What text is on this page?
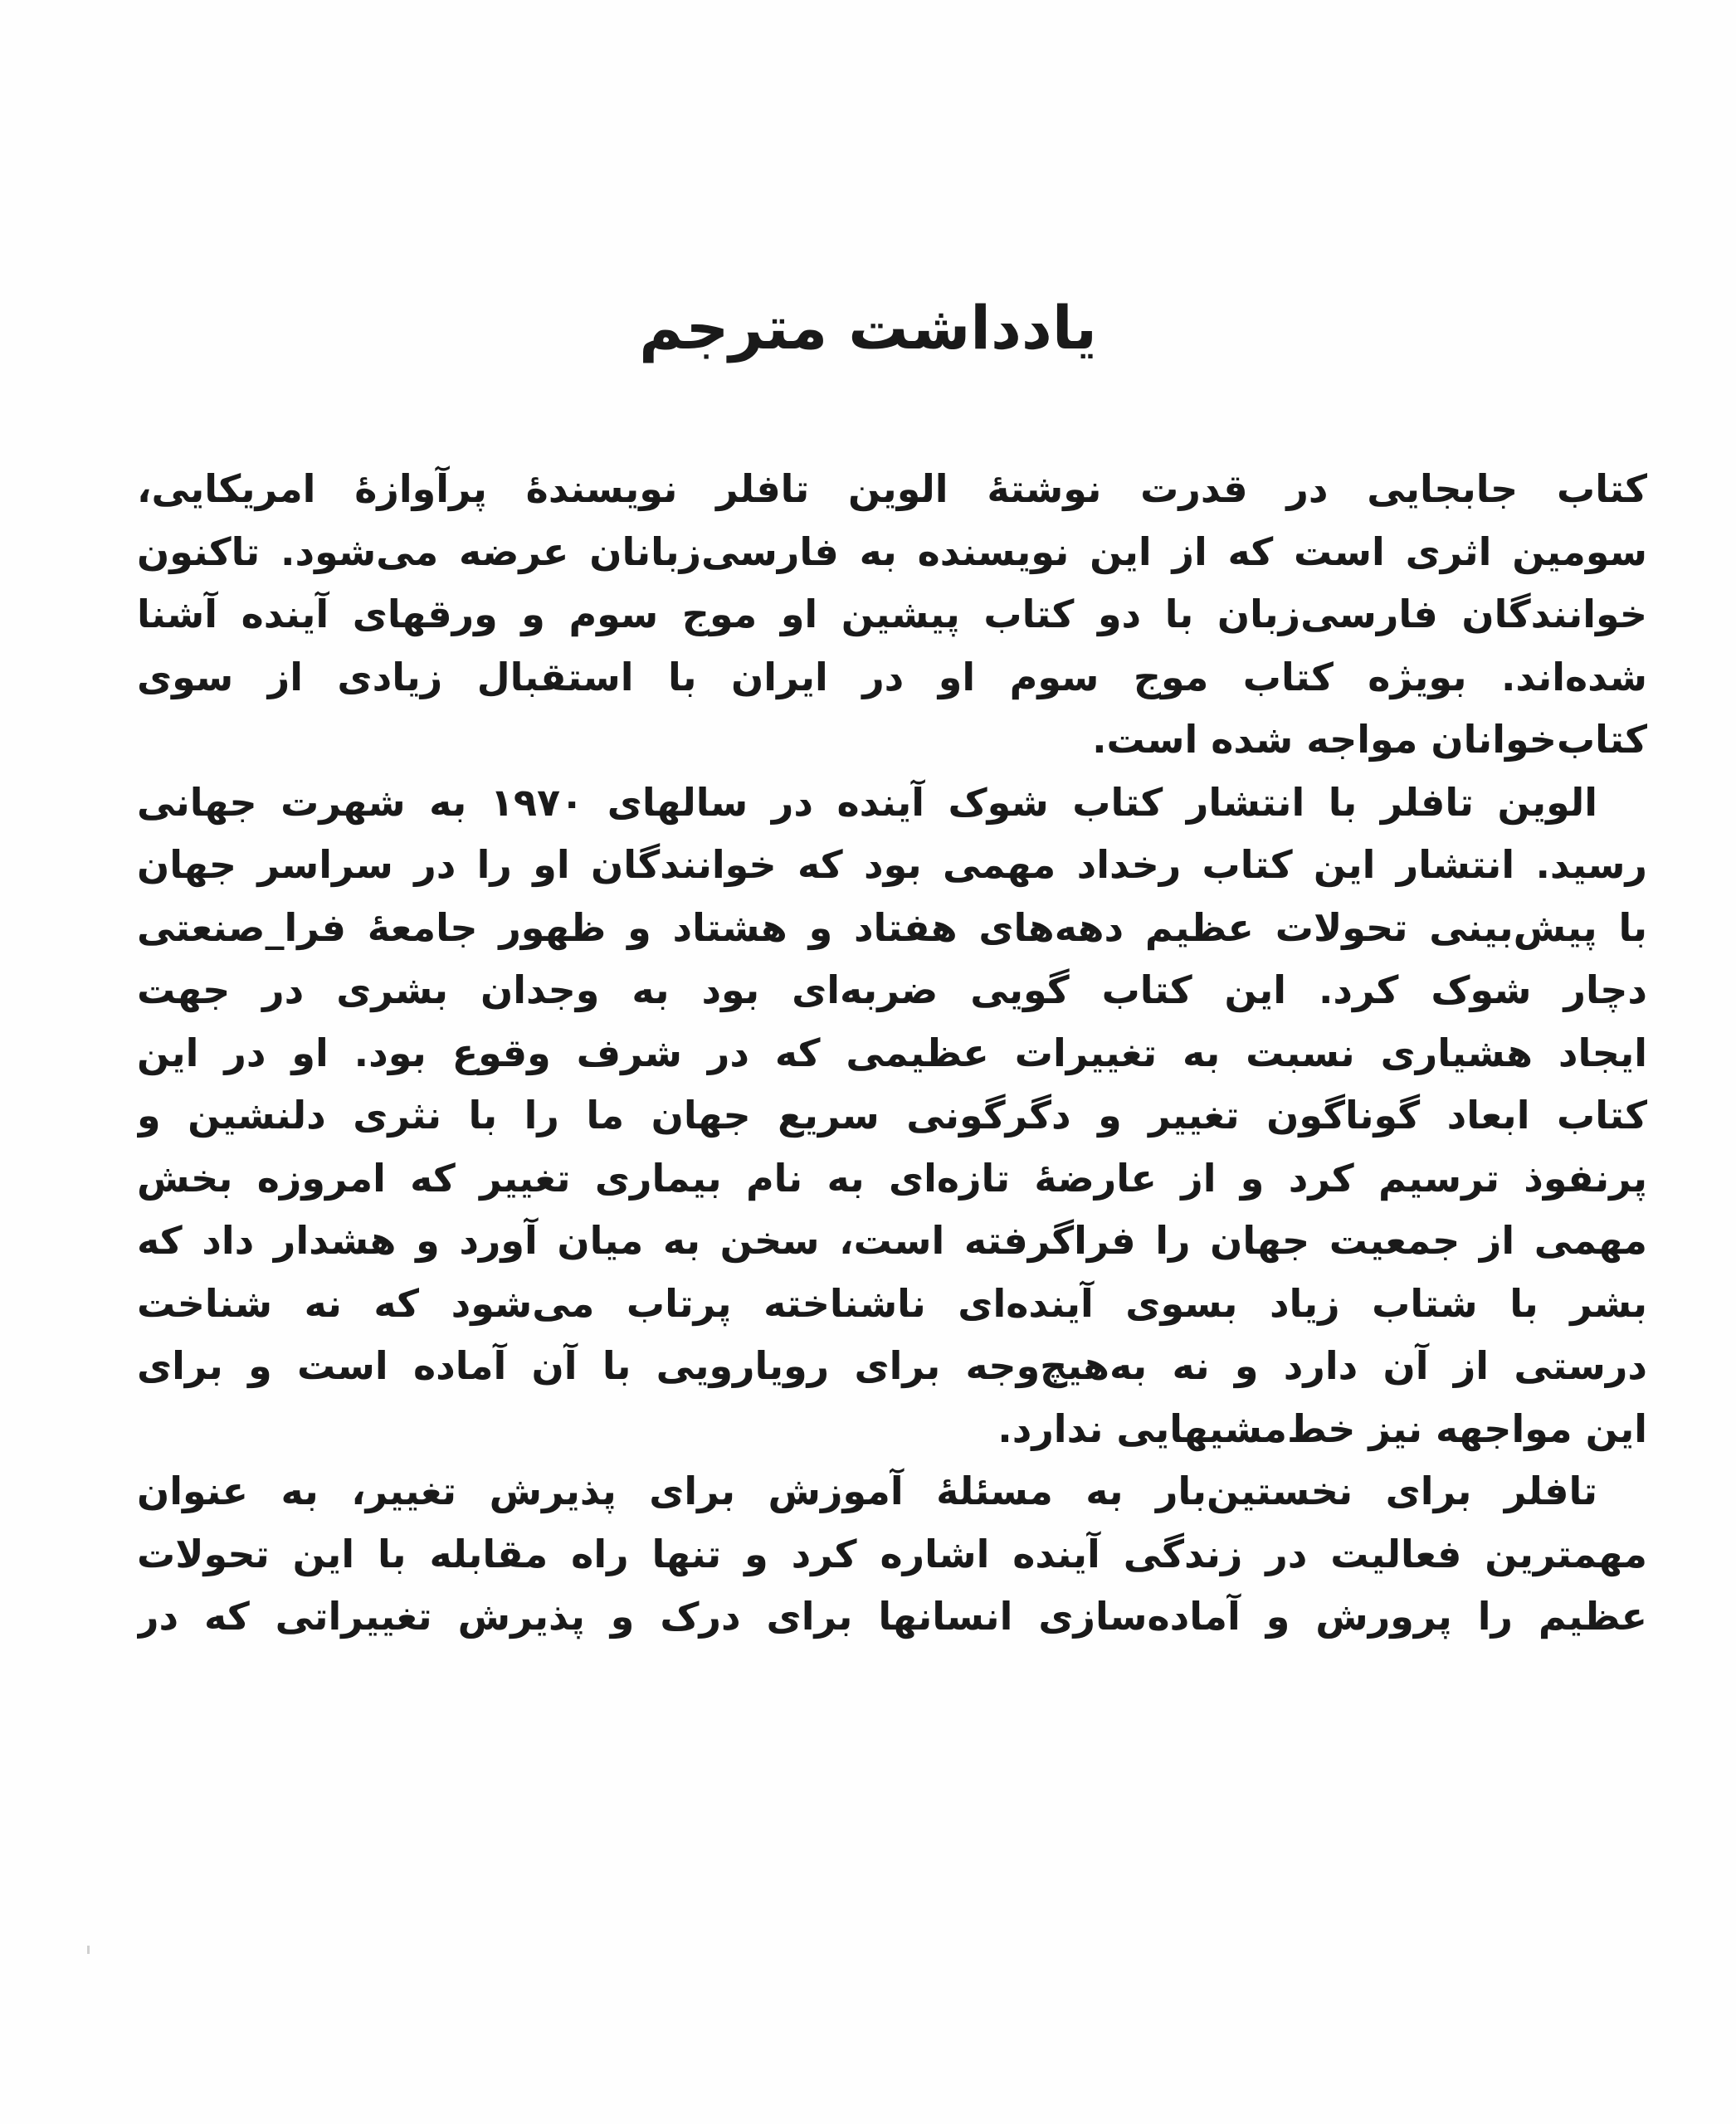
یادداشت مترجم
کتاب جابجایی در قدرت نوشتهٔ الوین تافلر نویسندهٔ پرآوازهٔ امریکایی،
سومین اثری است که از این نویسنده به فارسی‌زبانان عرضه می‌شود. تاکنون
خوانندگان فارسی‌زبان با دو کتاب پیشین او موج سوم و ورقهای آینده آشنا
شده‌اند. بویژه کتاب موج سوم او در ایران با استقبال زیادی از سوی
کتاب‌خوانان مواجه شده است.
الوین تافلر با انتشار کتاب شوک آینده در سالهای ۱۹۷۰ به شهرت جهانی
رسید. انتشار این کتاب رخداد مهمی بود که خوانندگان او را در سراسر جهان
با پیش‌بینی تحولات عظیم دهه‌های هفتاد و هشتاد و ظهور جامعهٔ فرا_صنعتی
دچار شوک کرد. این کتاب گویی ضربه‌ای بود به وجدان بشری در جهت
ایجاد هشیاری نسبت به تغییرات عظیمی که در شرف وقوع بود. او در این
کتاب ابعاد گوناگون تغییر و دگرگونی سریع جهان ما را با نثری دلنشین و
پرنفوذ ترسیم کرد و از عارضهٔ تازه‌ای به نام بیماری تغییر که امروزه بخش
مهمی از جمعیت جهان را فراگرفته است، سخن به میان آورد و هشدار داد که
بشر با شتاب زیاد بسوی آینده‌ای ناشناخته پرتاب می‌شود که نه شناخت
درستی از آن دارد و نه به‌هیچ‌وجه برای رویارویی با آن آماده است و برای
این مواجهه نیز خط‌مشیهایی ندارد.
تافلر برای نخستین‌بار به مسئلهٔ آموزش برای پذیرش تغییر، به عنوان
مهمترین فعالیت در زندگی آینده اشاره کرد و تنها راه مقابله با این تحولات
عظیم را پرورش و آماده‌سازی انسانها برای درک و پذیرش تغییراتی که در
